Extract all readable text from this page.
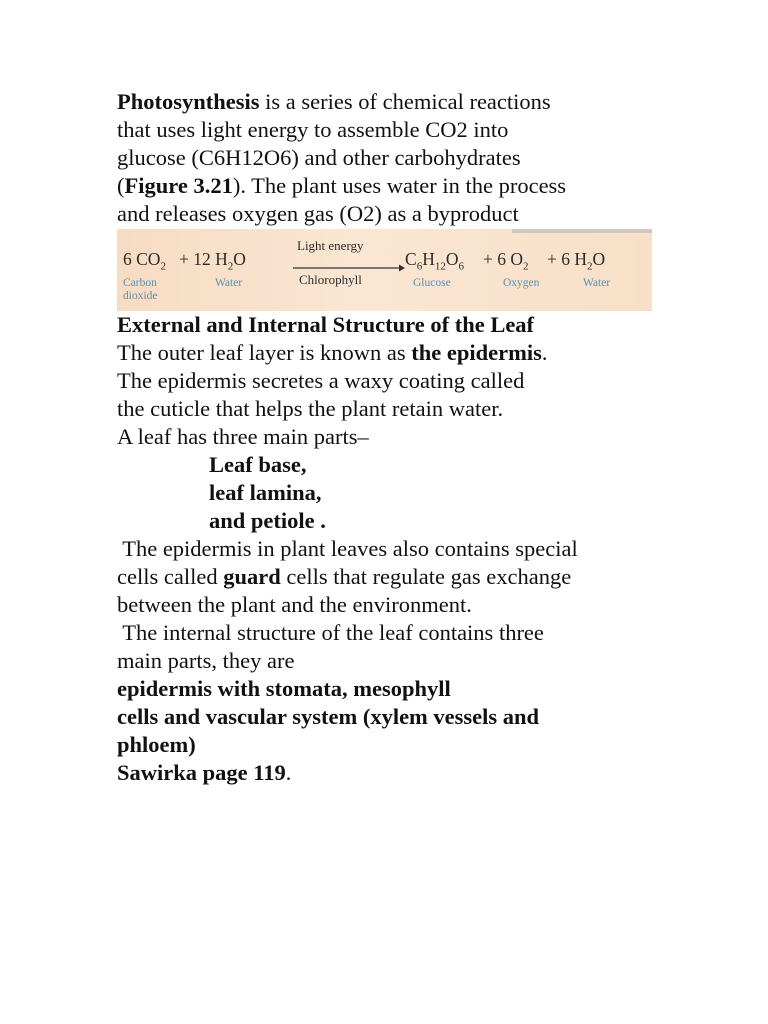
Photosynthesis is a series of chemical reactions
that uses light energy to assemble CO2 into
glucose (C6H12O6) and other carbohydrates
(Figure 3.21). The plant uses water in the process
and releases oxygen gas (O2) as a byproduct
6 $CO_2 + 12$ $H_2O$
Light energy
Chlorophyll
$C_6H_{12}O_6 + 6$ $O_2 + 6$ $H_2O$
Carbon
dioxide
Water	Glucose	Oxygen	Water
External and Internal Structure of the Leaf
The outer leaf layer is known as the epidermis.
The epidermis secretes a waxy coating called
the cuticle that helps the plant retain water.
A leaf has three main parts–
Leaf base,
leaf lamina,
and petiole .
The epidermis in plant leaves also contains special
cells called guard cells that regulate gas exchange
between the plant and the environment.
The internal structure of the leaf contains three
main parts, they are
epidermis with stomata, mesophyll
cells and vascular system (xylem vessels and
phloem)
Sawirka page 119.
